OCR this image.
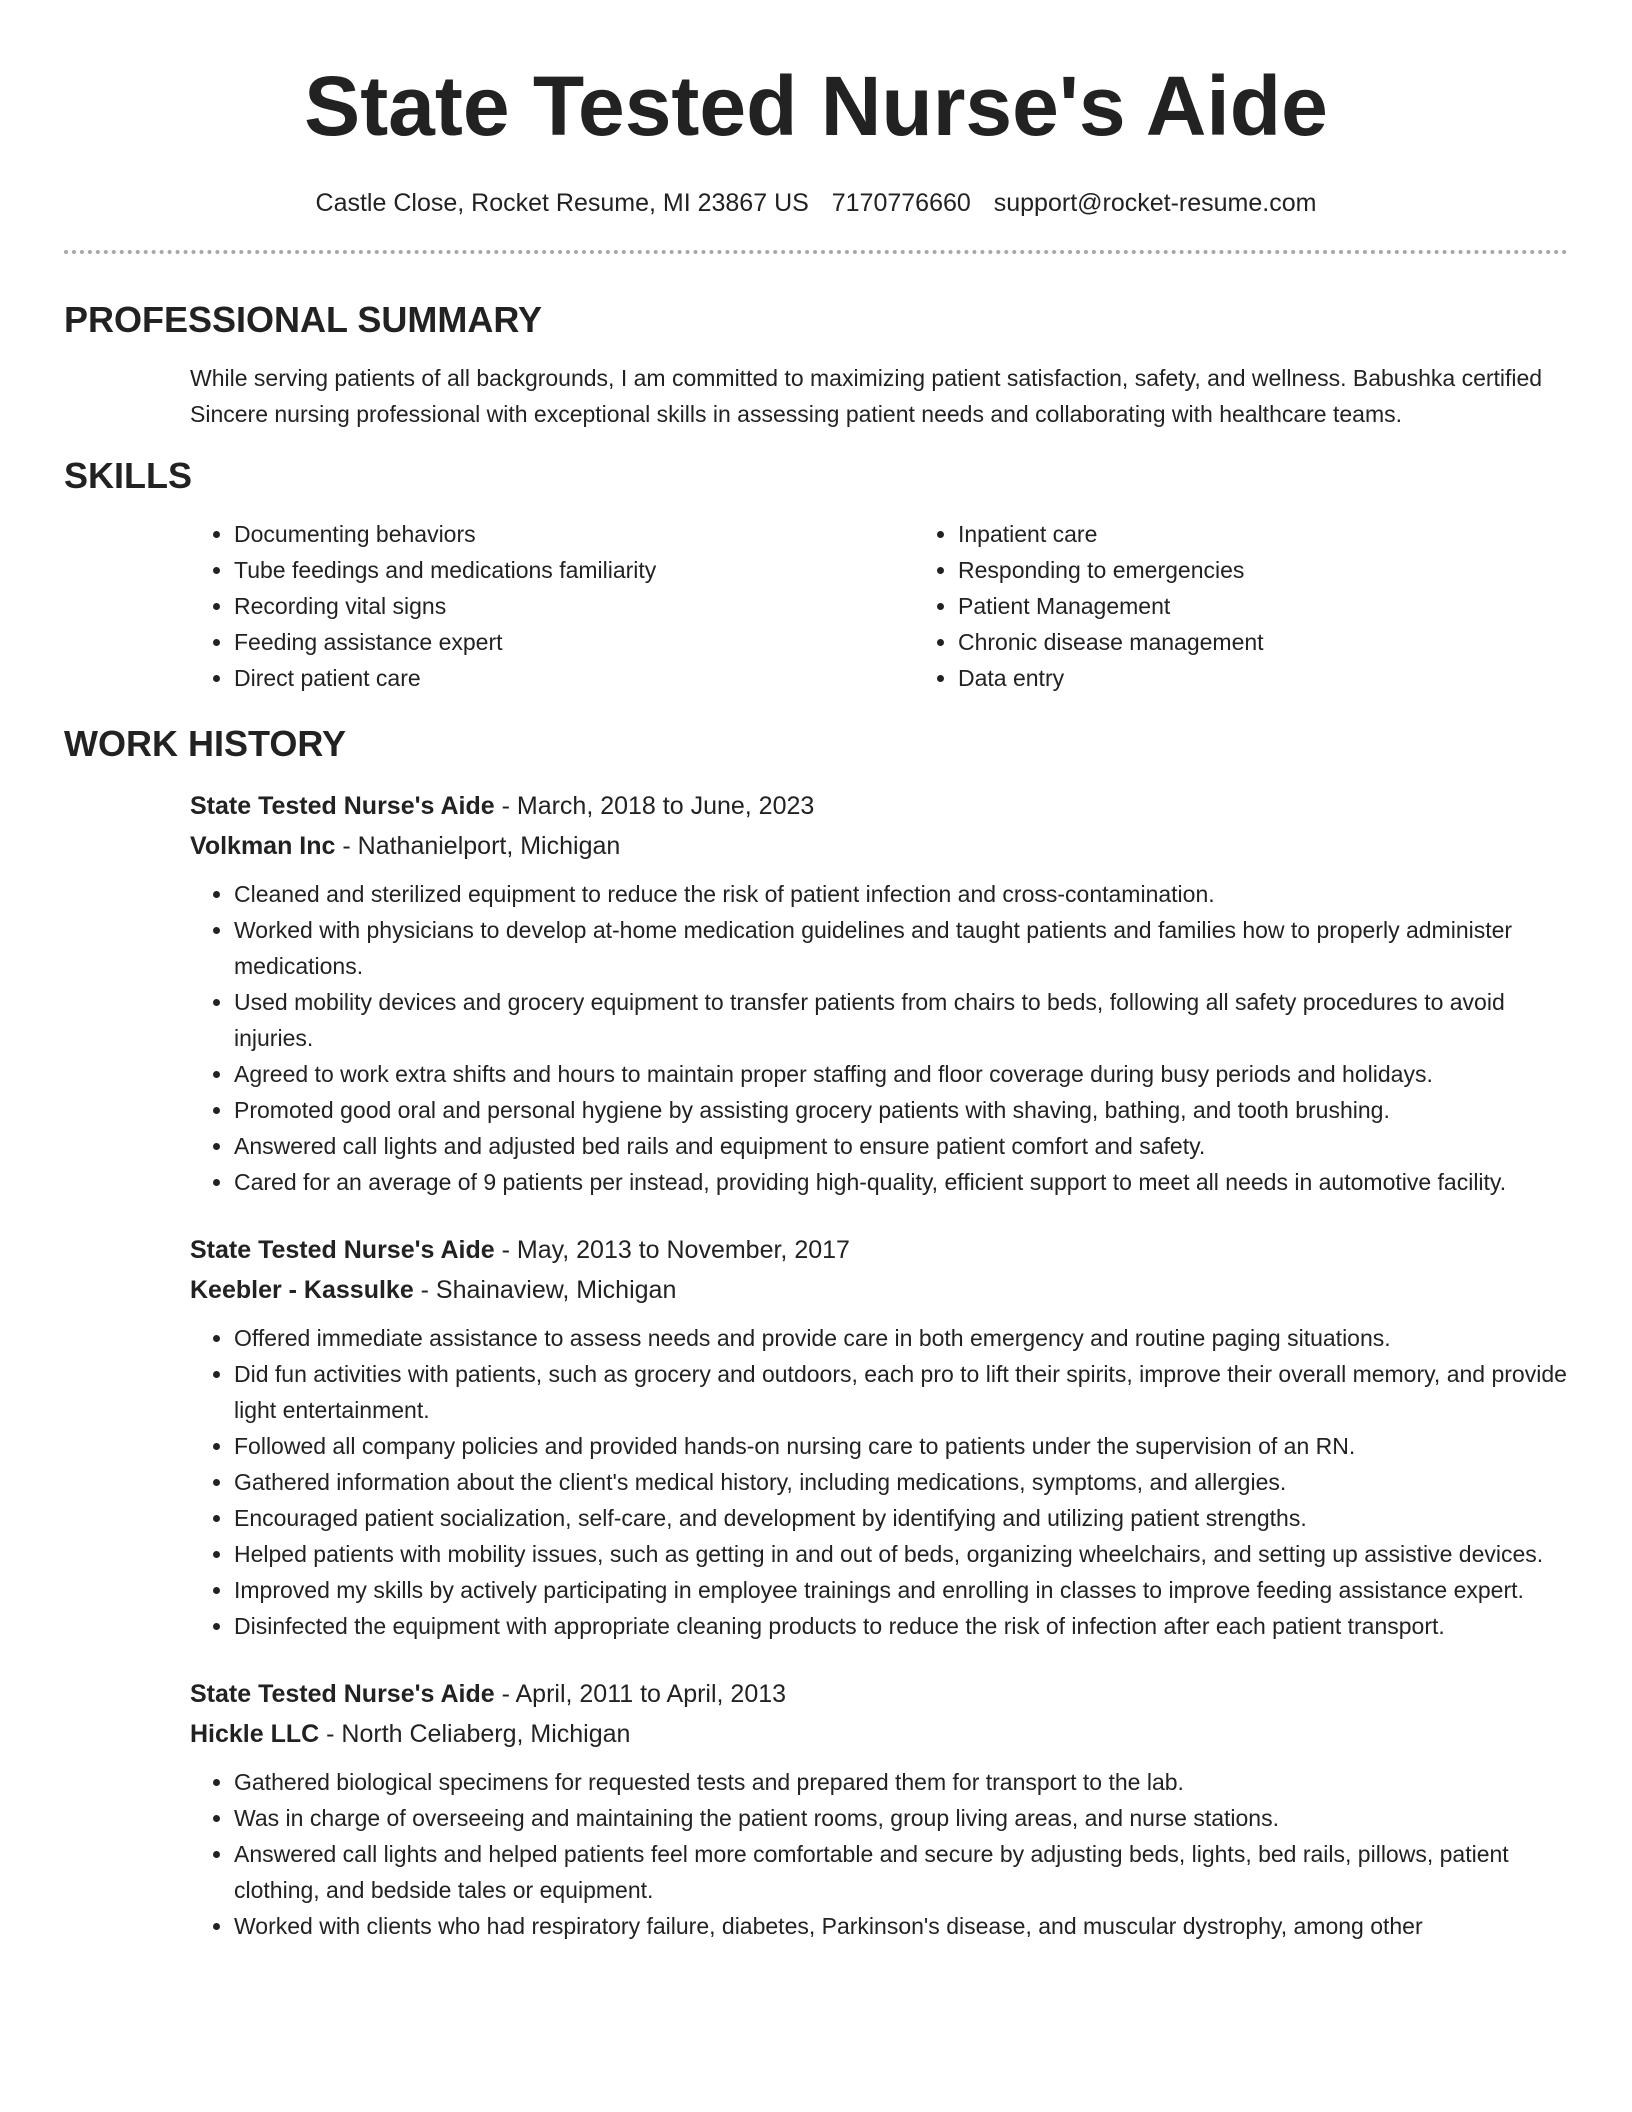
State Tested Nurse's Aide
Castle Close, Rocket Resume, MI 23867 US 7170776660 support@rocket-resume.com
PROFESSIONAL SUMMARY
While serving patients of all backgrounds, I am committed to maximizing patient satisfaction, safety, and wellness. Babushka certified Sincere nursing professional with exceptional skills in assessing patient needs and collaborating with healthcare teams.
SKILLS
• Documenting behaviors
• Tube feedings and medications familiarity
• Recording vital signs
• Feeding assistance expert
• Direct patient care
• Inpatient care
• Responding to emergencies
• Patient Management
• Chronic disease management
• Data entry
WORK HISTORY
State Tested Nurse's Aide - March, 2018 to June, 2023
Volkman Inc - Nathanielport, Michigan
• Cleaned and sterilized equipment to reduce the risk of patient infection and cross-contamination.
• Worked with physicians to develop at-home medication guidelines and taught patients and families how to properly administer medications.
• Used mobility devices and grocery equipment to transfer patients from chairs to beds, following all safety procedures to avoid injuries.
• Agreed to work extra shifts and hours to maintain proper staffing and floor coverage during busy periods and holidays.
• Promoted good oral and personal hygiene by assisting grocery patients with shaving, bathing, and tooth brushing.
• Answered call lights and adjusted bed rails and equipment to ensure patient comfort and safety.
• Cared for an average of 9 patients per instead, providing high-quality, efficient support to meet all needs in automotive facility.
State Tested Nurse's Aide - May, 2013 to November, 2017
Keebler - Kassulke - Shainaview, Michigan
• Offered immediate assistance to assess needs and provide care in both emergency and routine paging situations.
• Did fun activities with patients, such as grocery and outdoors, each pro to lift their spirits, improve their overall memory, and provide light entertainment.
• Followed all company policies and provided hands-on nursing care to patients under the supervision of an RN.
• Gathered information about the client's medical history, including medications, symptoms, and allergies.
• Encouraged patient socialization, self-care, and development by identifying and utilizing patient strengths.
• Helped patients with mobility issues, such as getting in and out of beds, organizing wheelchairs, and setting up assistive devices.
• Improved my skills by actively participating in employee trainings and enrolling in classes to improve feeding assistance expert.
• Disinfected the equipment with appropriate cleaning products to reduce the risk of infection after each patient transport.
State Tested Nurse's Aide - April, 2011 to April, 2013
Hickle LLC - North Celiaberg, Michigan
• Gathered biological specimens for requested tests and prepared them for transport to the lab.
• Was in charge of overseeing and maintaining the patient rooms, group living areas, and nurse stations.
• Answered call lights and helped patients feel more comfortable and secure by adjusting beds, lights, bed rails, pillows, patient clothing, and bedside tales or equipment.
• Worked with clients who had respiratory failure, diabetes, Parkinson's disease, and muscular dystrophy, among other
